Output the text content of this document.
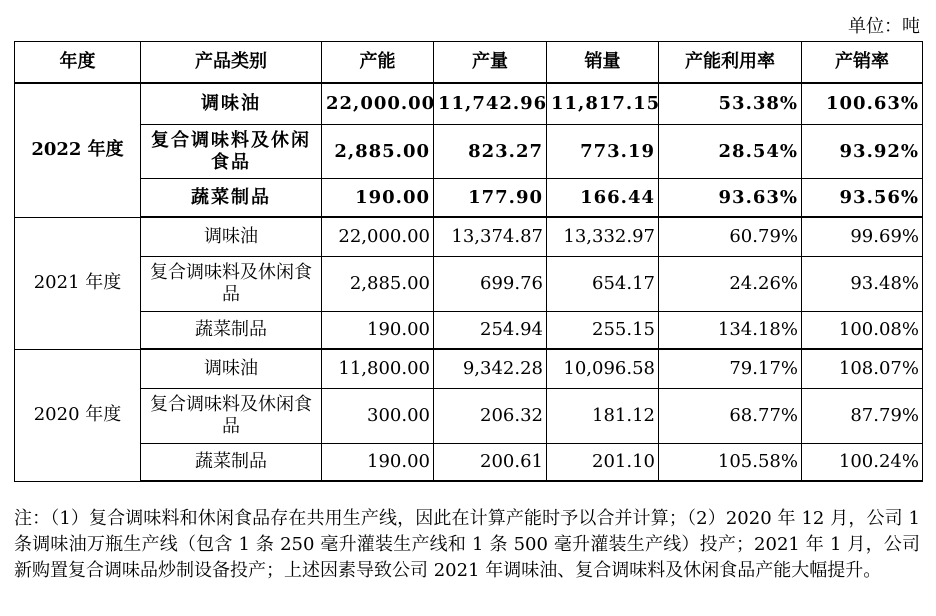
单位：吨
年度	产品类别	产能	产量	销量	产能利用率	产销率
2022 年度	调味油	22,000.00	11,742.96	11,817.15	53.38%	100.63%
	复合调味料及休闲食品	2,885.00	823.27	773.19	28.54%	93.92%
	蔬菜制品	190.00	177.90	166.44	93.63%	93.56%
2021 年度	调味油	22,000.00	13,374.87	13,332.97	60.79%	99.69%
	复合调味料及休闲食品	2,885.00	699.76	654.17	24.26%	93.48%
	蔬菜制品	190.00	254.94	255.15	134.18%	100.08%
2020 年度	调味油	11,800.00	9,342.28	10,096.58	79.17%	108.07%
	复合调味料及休闲食品	300.00	206.32	181.12	68.77%	87.79%
	蔬菜制品	190.00	200.61	201.10	105.58%	100.24%
注：（1）复合调味料和休闲食品存在共用生产线，因此在计算产能时予以合并计算；（2）2020 年 12 月，公司 1 条调味油万瓶生产线（包含 1 条 250 毫升灌装生产线和 1 条 500 毫升灌装生产线）投产；2021 年 1 月，公司新购置复合调味品炒制设备投产；上述因素导致公司 2021 年调味油、复合调味料及休闲食品产能大幅提升。
